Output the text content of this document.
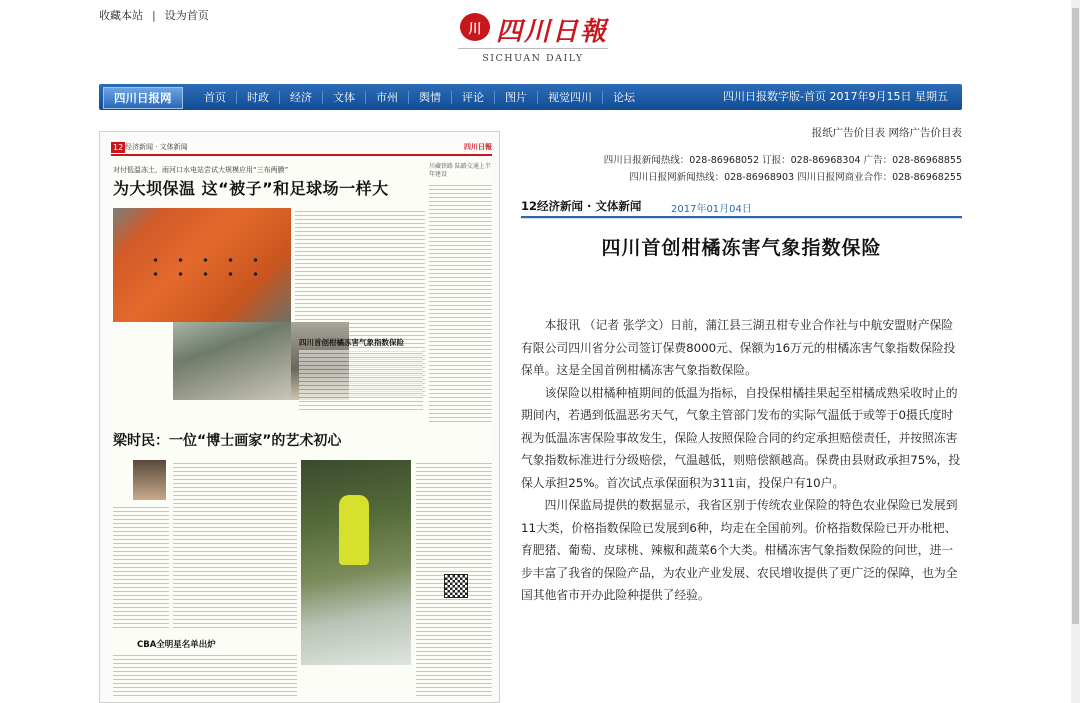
收藏本站 | 设为首页
川 四川日報
SICHUAN DAILY
四川日报网	首页	时政	经济	文体	市州	舆情	评论	图片	视觉四川	论坛	四川日报数字版-首页 2017年9月15日 星期五
报纸广告价目表 网络广告价目表
四川日报新闻热线：028-86968052 订报：028-86968304 广告：028-86968855
四川日报网新闻热线：028-86968903 四川日报网商业合作：028-86968255
12 经济新闻 · 文体新闻	四川日報
对付低温冻土，雨河口水电站尝试大规模应用“三布两膜”
为大坝保温 这“被子”和足球场一样大
川藏铁路 陆路交通上半年建设
四川首创柑橘冻害气象指数保险
梁时民：一位“博士画家”的艺术初心
CBA全明星名单出炉
12经济新闻 · 文体新闻	2017年01月04日
四川首创柑橘冻害气象指数保险

本报讯 （记者 张学文）日前，蒲江县三湖丑柑专业合作社与中航安盟财产保险有限公司四川省分公司签订保费8000元、保额为16万元的柑橘冻害气象指数保险投保单。这是全国首例柑橘冻害气象指数保险。

该保险以柑橘种植期间的低温为指标，自投保柑橘挂果起至柑橘成熟采收时止的期间内，若遇到低温恶劣天气，气象主管部门发布的实际气温低于或等于0摄氏度时视为低温冻害保险事故发生，保险人按照保险合同的约定承担赔偿责任，并按照冻害气象指数标准进行分级赔偿，气温越低，则赔偿额越高。保费由县财政承担75%，投保人承担25%。首次试点承保面积为311亩，投保户有10户。

四川保监局提供的数据显示，我省区别于传统农业保险的特色农业保险已发展到11大类，价格指数保险已发展到6种，均走在全国前列。价格指数保险已开办枇杷、育肥猪、葡萄、皮球桃、辣椒和蔬菜6个大类。柑橘冻害气象指数保险的问世，进一步丰富了我省的保险产品，为农业产业发展、农民增收提供了更广泛的保障，也为全国其他省市开办此险种提供了经验。
